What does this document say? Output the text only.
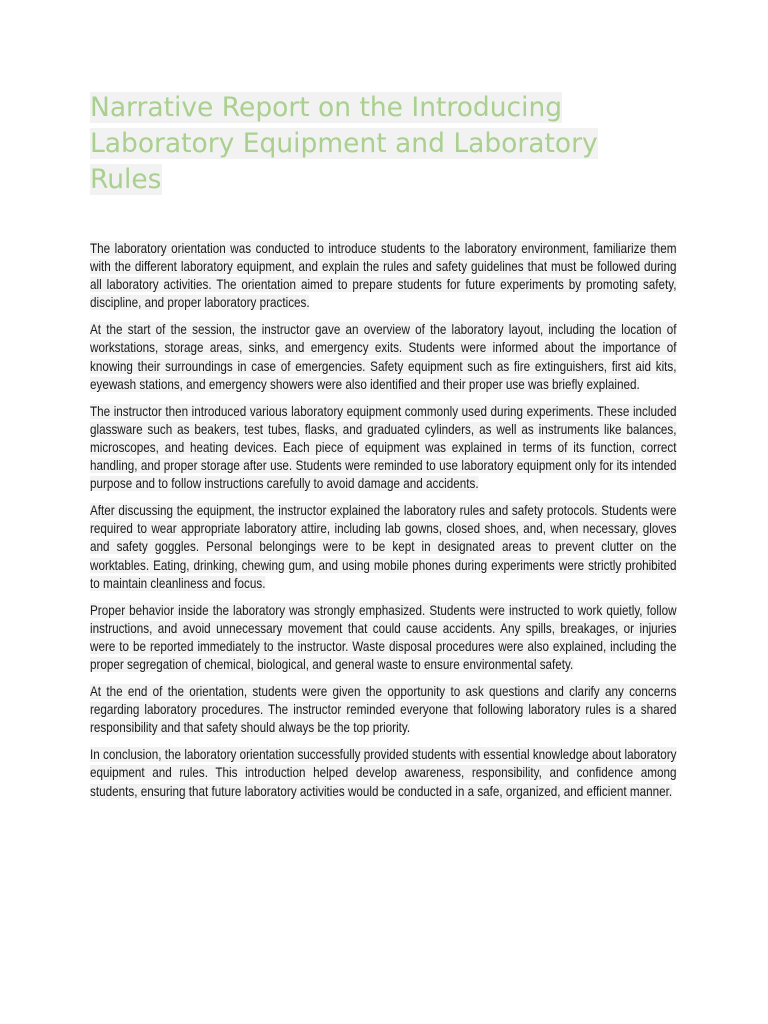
Narrative Report on the Introducing Laboratory Equipment and Laboratory Rules

The laboratory orientation was conducted to introduce students to the laboratory environment, familiarize them with the different laboratory equipment, and explain the rules and safety guidelines that must be followed during all laboratory activities. The orientation aimed to prepare students for future experiments by promoting safety, discipline, and proper laboratory practices.

At the start of the session, the instructor gave an overview of the laboratory layout, including the location of workstations, storage areas, sinks, and emergency exits. Students were informed about the importance of knowing their surroundings in case of emergencies. Safety equipment such as fire extinguishers, first aid kits, eyewash stations, and emergency showers were also identified and their proper use was briefly explained.

The instructor then introduced various laboratory equipment commonly used during experiments. These included glassware such as beakers, test tubes, flasks, and graduated cylinders, as well as instruments like balances, microscopes, and heating devices. Each piece of equipment was explained in terms of its function, correct handling, and proper storage after use. Students were reminded to use laboratory equipment only for its intended purpose and to follow instructions carefully to avoid damage and accidents.

After discussing the equipment, the instructor explained the laboratory rules and safety protocols. Students were required to wear appropriate laboratory attire, including lab gowns, closed shoes, and, when necessary, gloves and safety goggles. Personal belongings were to be kept in designated areas to prevent clutter on the worktables. Eating, drinking, chewing gum, and using mobile phones during experiments were strictly prohibited to maintain cleanliness and focus.

Proper behavior inside the laboratory was strongly emphasized. Students were instructed to work quietly, follow instructions, and avoid unnecessary movement that could cause accidents. Any spills, breakages, or injuries were to be reported immediately to the instructor. Waste disposal procedures were also explained, including the proper segregation of chemical, biological, and general waste to ensure environmental safety.

At the end of the orientation, students were given the opportunity to ask questions and clarify any concerns regarding laboratory procedures. The instructor reminded everyone that following laboratory rules is a shared responsibility and that safety should always be the top priority.

In conclusion, the laboratory orientation successfully provided students with essential knowledge about laboratory equipment and rules. This introduction helped develop awareness, responsibility, and confidence among students, ensuring that future laboratory activities would be conducted in a safe, organized, and efficient manner.
